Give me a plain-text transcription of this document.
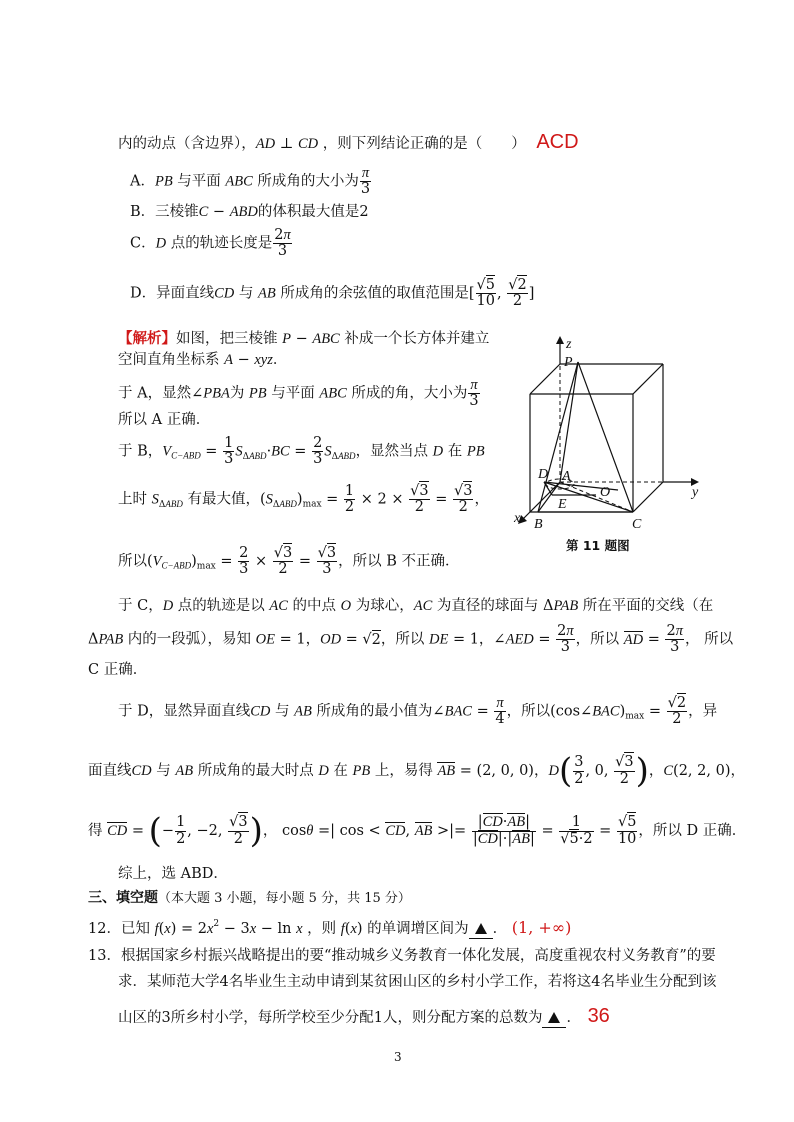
内的动点（含边界），AD ⊥ CD ，则下列结论正确的是（　　） ACD
A．PB 与平面 ABC 所成角的大小为 $\frac{\pi}{3}$
B．三棱锥C − ABD的体积最大值是2
C．D 点的轨迹长度是 $\frac{2\pi}{3}$
D．异面直线CD 与 AB 所成角的余弦值的取值范围是[ $\frac{√5}{10}$ , $\frac{√2}{2}$ ]
【解析】如图，把三棱锥 P − ABC 补成一个长方体并建立
空间直角坐标系 A − xyz．
于 A，显然∠PBA为 PB 与平面 ABC 所成的角，大小为 $\frac{\pi}{3}$
所以 A 正确．
于 B，$V_{C-ABD} = \frac{1}{3} S_{\Delta ABD}\cdot BC = \frac{2}{3} S_{\Delta ABD}$，显然当点 D 在 PB
上时 $S_{\Delta ABD}$ 有最大值，$(S_{\Delta ABD})_{max} = \frac{1}{2} \times 2 \times \frac{√3}{2} = \frac{√3}{2}$ ，
所以$(V_{C-ABD})_{max} = \frac{2}{3} \times \frac{√3}{2} = \frac{√3}{3}$ ，所以 B 不正确．
于 C，D 点的轨迹是以 AC 的中点 O 为球心，AC 为直径的球面与 ΔPAB 所在平面的交线（在
ΔPAB 内的一段弧），易知 OE = 1，OD = √2，所以 DE = 1，∠AED = $\frac{2\pi}{3}$ ，所以 AD = $\frac{2\pi}{3}$ ， 所以
C 正确．
于 D，显然异面直线CD 与 AB 所成角的最小值为∠BAC = $\frac{\pi}{4}$ ，所以$(\cos\angle BAC)_{max} = \frac{√2}{2}$ ，异
面直线CD 与 AB 所成角的最大时点 D 在 PB 上，易得 AB = (2, 0, 0)，$D( \frac{3}{2}$ , 0, $\frac{√3}{2}$ )，C(2, 2, 0)，
得 CD = (− $\frac{1}{2}$ , −2, $\frac{√3}{2}$ )， cosθ =| cos < CD, AB >|= $\frac{|CD\cdot AB|}{|CD|\cdot|AB|} = \frac{1}{√5\cdot 2} = \frac{√5}{10}$ ，所以 D 正确．
综上，选 ABD．
三、填空题（本大题 3 小题，每小题 5 分，共 15 分）
12．已知 $f(x) = 2x^2 - 3x - \ln x$ ，则 f(x) 的单调增区间为 ． (1, +∞)
13．根据国家乡村振兴战略提出的要“推动城乡义务教育一体化发展，高度重视农村义务教育”的要
求．某师范大学4名毕业生主动申请到某贫困山区的乡村小学工作，若将这4名毕业生分配到该
山区的3所乡村小学，每所学校至少分配1人，则分配方案的总数为 ． 36
z
P
D A
O
E
y
x B	C
第 11 题图
3
